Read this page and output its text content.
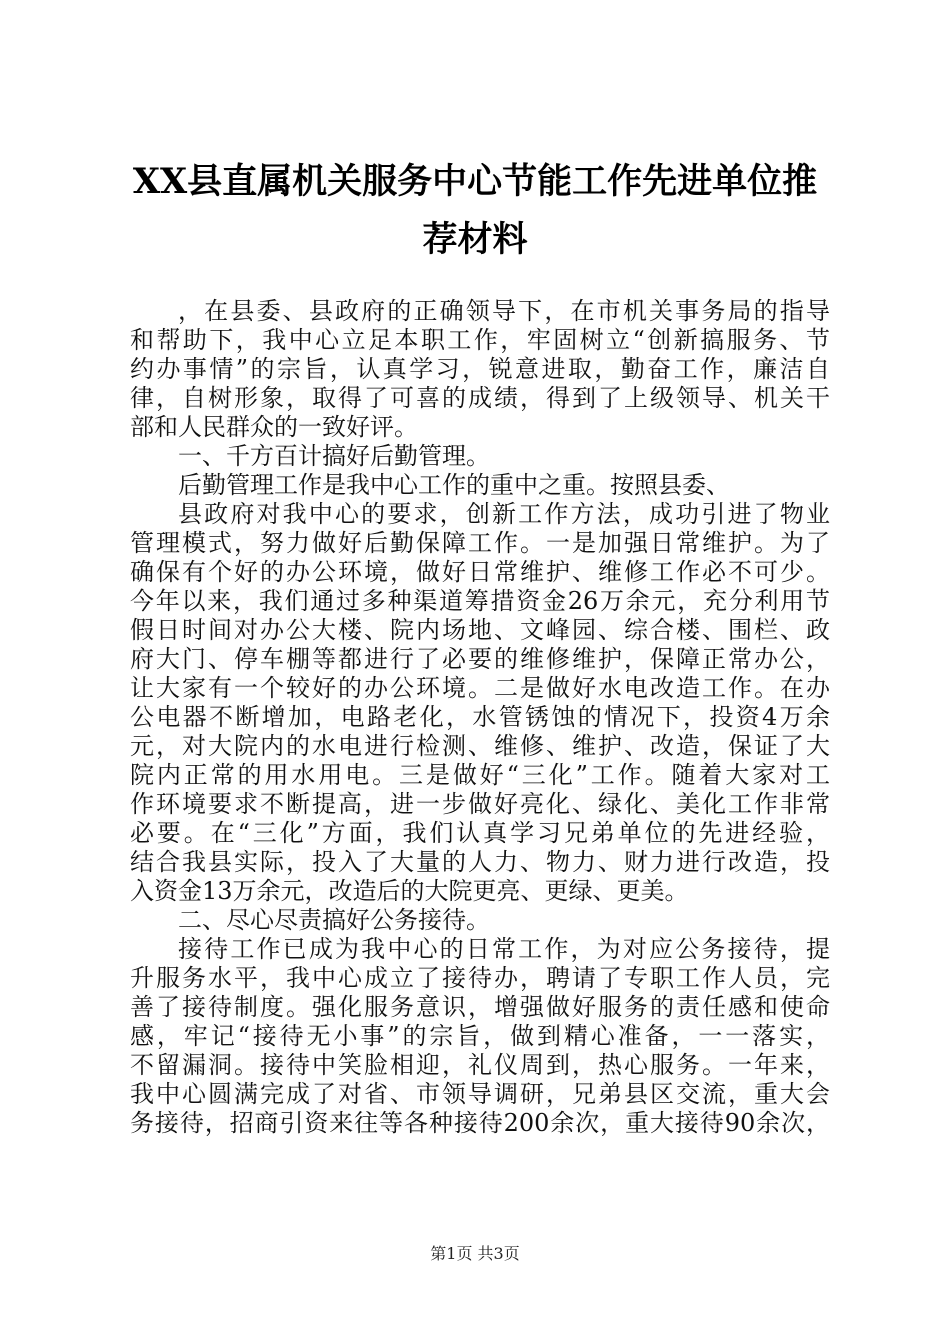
XX县直属机关服务中心节能工作先进单位推
荐材料
，在县委、县政府的正确领导下，在市机关事务局的指导
和帮助下，我中心立足本职工作，牢固树立“创新搞服务、节
约办事情”的宗旨，认真学习，锐意进取，勤奋工作，廉洁自
律，自树形象，取得了可喜的成绩，得到了上级领导、机关干
部和人民群众的一致好评。
一、千方百计搞好后勤管理。
后勤管理工作是我中心工作的重中之重。按照县委、
县政府对我中心的要求，创新工作方法，成功引进了物业
管理模式，努力做好后勤保障工作。一是加强日常维护。为了
确保有个好的办公环境，做好日常维护、维修工作必不可少。
今年以来，我们通过多种渠道筹措资金26万余元，充分利用节
假日时间对办公大楼、院内场地、文峰园、综合楼、围栏、政
府大门、停车棚等都进行了必要的维修维护，保障正常办公，
让大家有一个较好的办公环境。二是做好水电改造工作。在办
公电器不断增加，电路老化，水管锈蚀的情况下，投资4万余
元，对大院内的水电进行检测、维修、维护、改造，保证了大
院内正常的用水用电。三是做好“三化”工作。随着大家对工
作环境要求不断提高，进一步做好亮化、绿化、美化工作非常
必要。在“三化”方面，我们认真学习兄弟单位的先进经验，
结合我县实际，投入了大量的人力、物力、财力进行改造，投
入资金13万余元，改造后的大院更亮、更绿、更美。
二、尽心尽责搞好公务接待。
接待工作已成为我中心的日常工作，为对应公务接待，提
升服务水平，我中心成立了接待办，聘请了专职工作人员，完
善了接待制度。强化服务意识，增强做好服务的责任感和使命
感，牢记“接待无小事”的宗旨，做到精心准备，一一落实，
不留漏洞。接待中笑脸相迎，礼仪周到，热心服务。一年来，
我中心圆满完成了对省、市领导调研，兄弟县区交流，重大会
务接待，招商引资来往等各种接待200余次，重大接待90余次，
第1页 共3页
